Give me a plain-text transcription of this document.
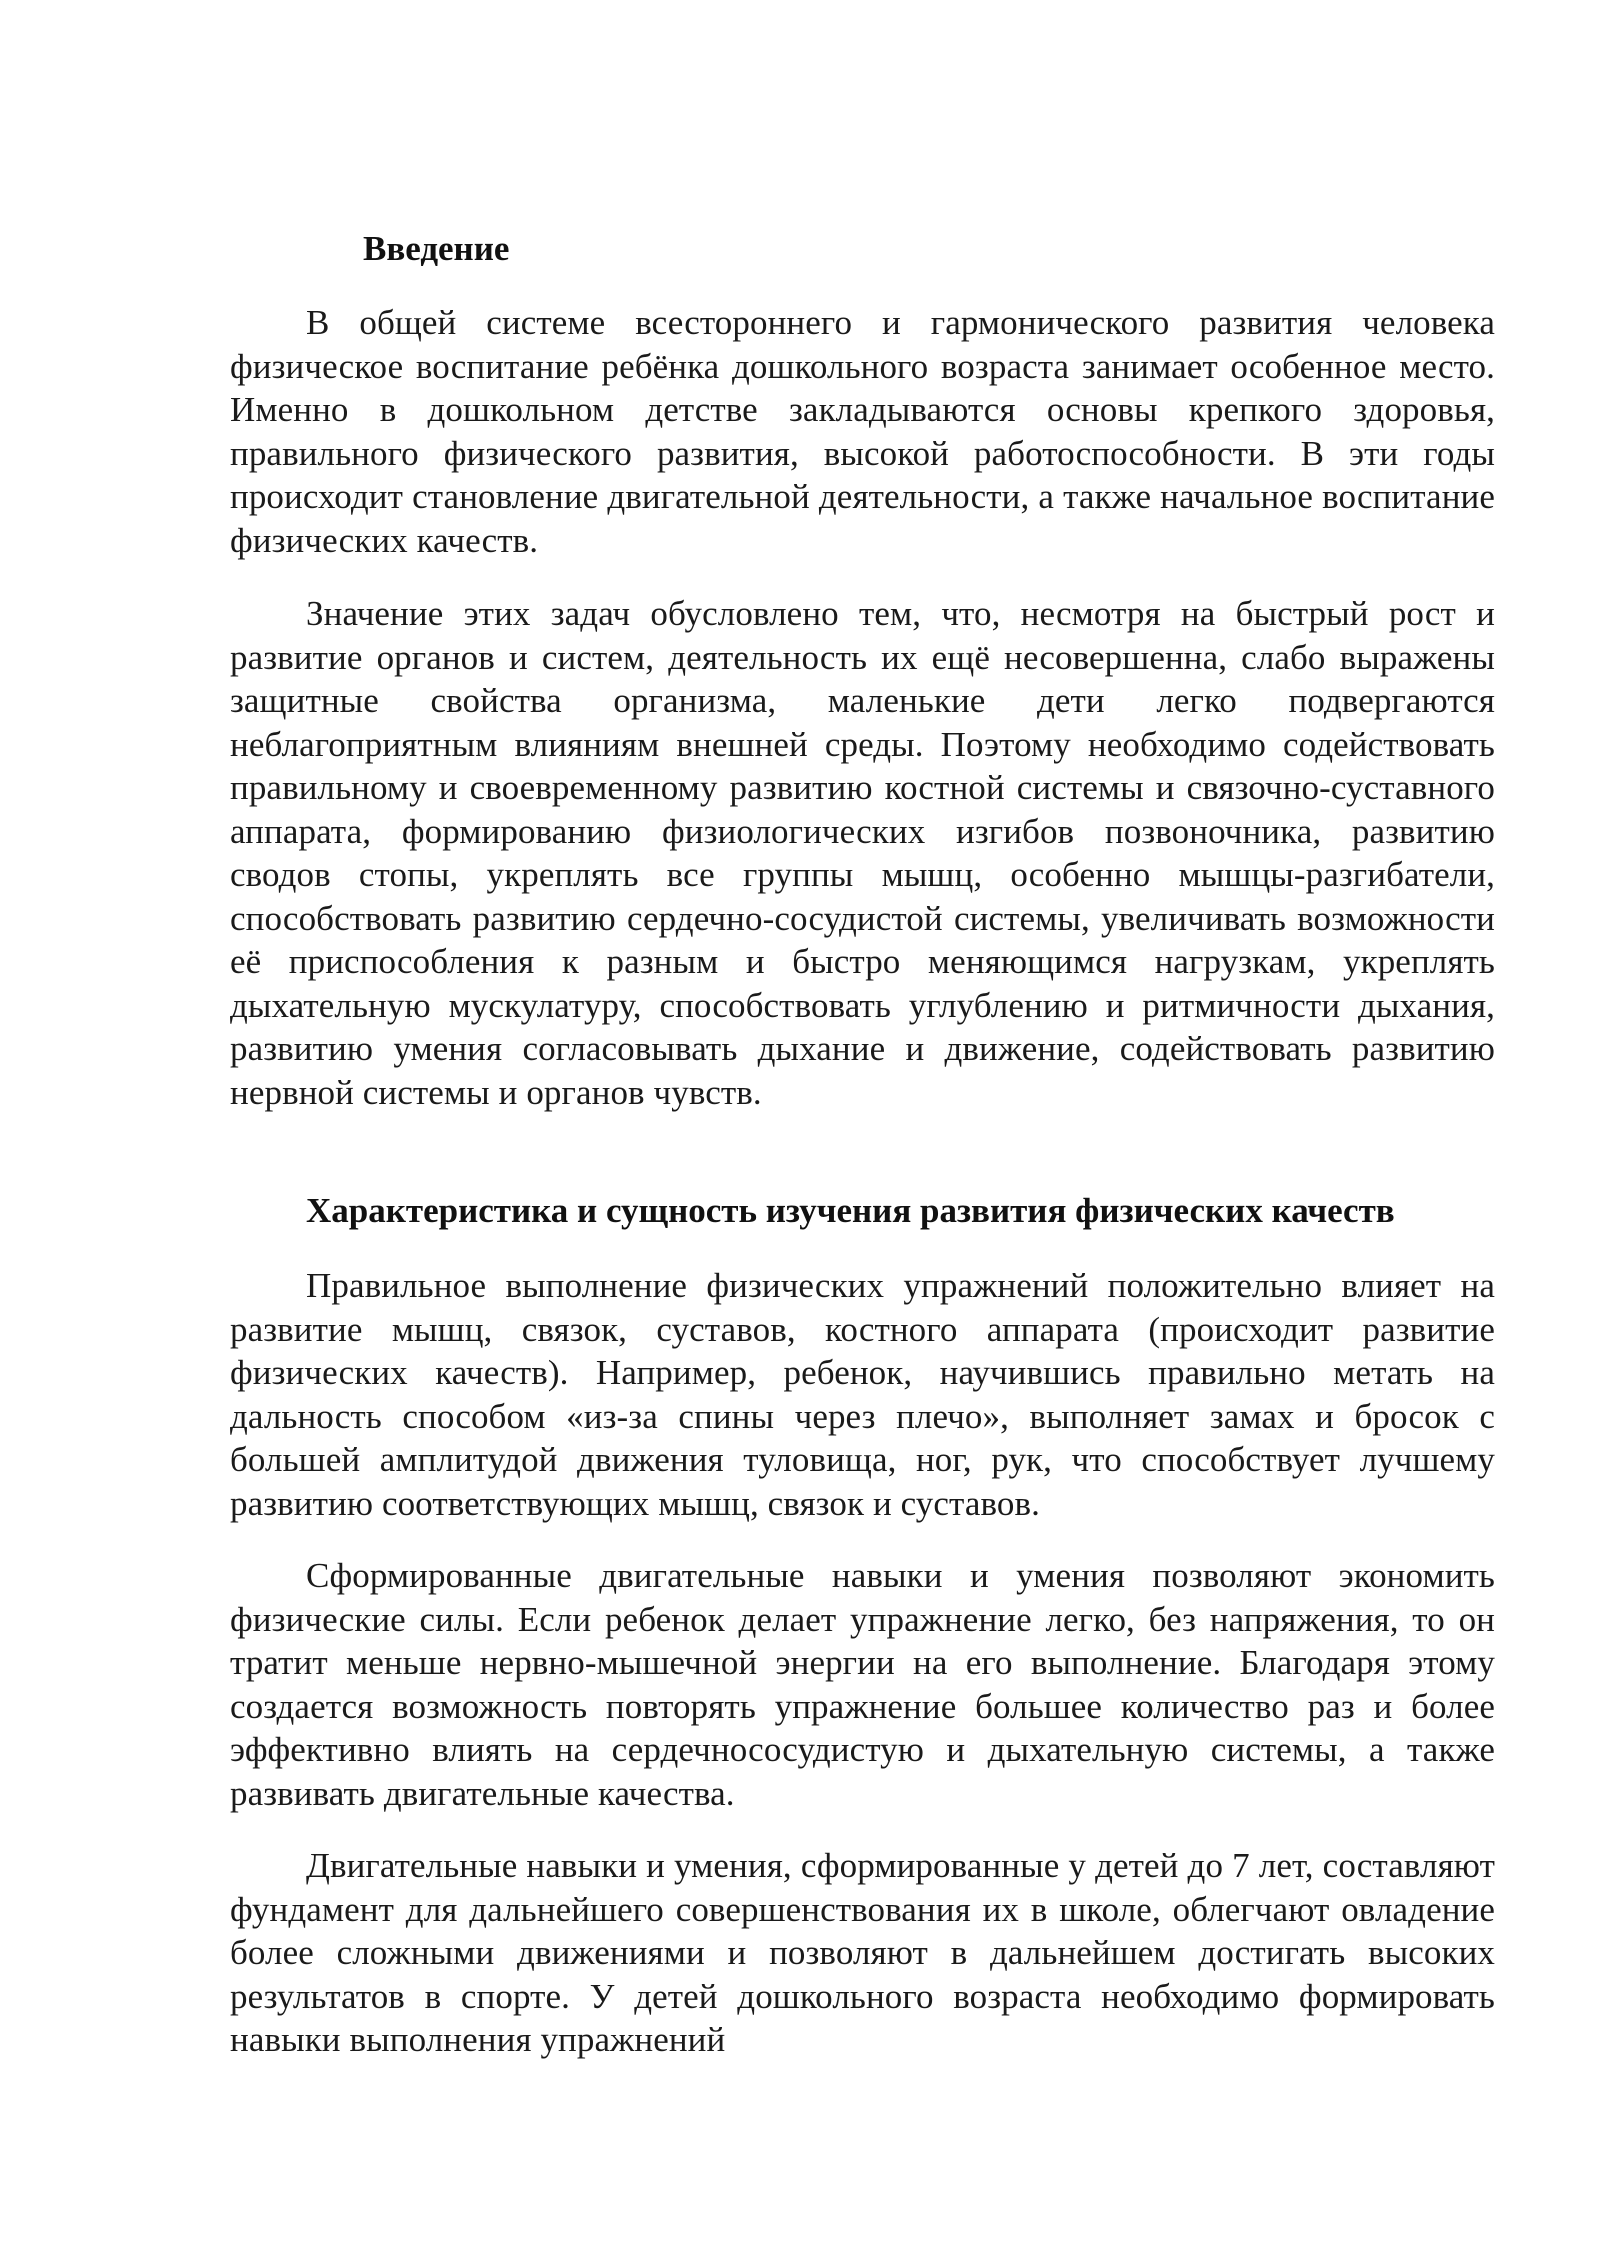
Введение

В общей системе всестороннего и гармонического развития человека физическое воспитание ребёнка дошкольного возраста занимает особенное место. Именно в дошкольном детстве закладываются основы крепкого здоровья, правильного физического развития, высокой работоспособности. В эти годы происходит становление двигательной деятельности, а также начальное воспитание физических качеств.

Значение этих задач обусловлено тем, что, несмотря на быстрый рост и развитие органов и систем, деятельность их ещё несовершенна, слабо выражены защитные свойства организма, маленькие дети легко подвергаются неблагоприятным влияниям внешней среды. Поэтому необходимо содействовать правильному и своевременному развитию костной системы и связочно-суставного аппарата, формированию физиологических изгибов позвоночника, развитию сводов стопы, укреплять все группы мышц, особенно мышцы-разгибатели, способствовать развитию сердечно-сосудистой системы, увеличивать возможности её приспособления к разным и быстро меняющимся нагрузкам, укреплять дыхательную мускулатуру, способствовать углублению и ритмичности дыхания, развитию умения согласовывать дыхание и движение, содействовать развитию нервной системы и органов чувств.

Характеристика и сущность изучения развития физических качеств

Правильное выполнение физических упражнений положительно влияет на развитие мышц, связок, суставов, костного аппарата (происходит развитие физических качеств). Например, ребенок, научившись правильно метать на дальность способом «из-за спины через плечо», выполняет замах и бросок с большей амплитудой движения туловища, ног, рук, что способствует лучшему развитию соответствующих мышц, связок и суставов.

Сформированные двигательные навыки и умения позволяют экономить физические силы. Если ребенок делает упражнение легко, без напряжения, то он тратит меньше нервно-мышечной энергии на его выполнение. Благодаря этому создается возможность повторять упражнение большее количество раз и более эффективно влиять на сердечнососудистую и дыхательную системы, а также развивать двигательные качества.

Двигательные навыки и умения, сформированные у детей до 7 лет, составляют фундамент для дальнейшего совершенствования их в школе, облегчают овладение более сложными движениями и позволяют в дальнейшем достигать высоких результатов в спорте. У детей дошкольного возраста необходимо формировать навыки выполнения упражнений
